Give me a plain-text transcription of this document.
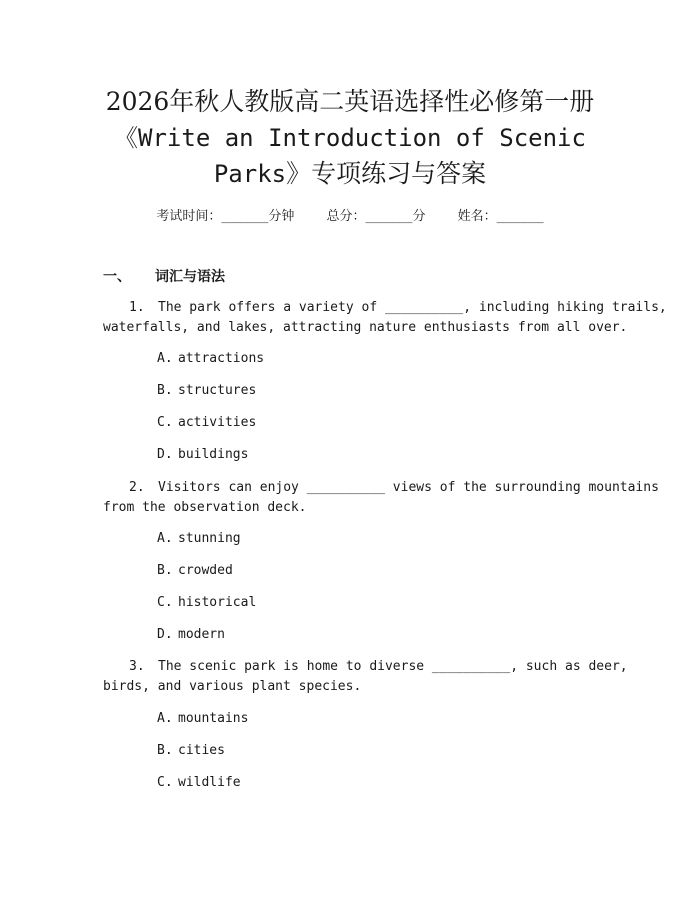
2026年秋人教版高二英语选择性必修第一册
《Write an Introduction of Scenic
Parks》专项练习与答案
考试时间：______分钟 总分：______分 姓名：______
一、 词汇与语法
1. The park offers a variety of __________, including hiking trails,
waterfalls, and lakes, attracting nature enthusiasts from all over.
A. attractions
B. structures
C. activities
D. buildings
2. Visitors can enjoy __________ views of the surrounding mountains
from the observation deck.
A. stunning
B. crowded
C. historical
D. modern
3. The scenic park is home to diverse __________, such as deer,
birds, and various plant species.
A. mountains
B. cities
C. wildlife
